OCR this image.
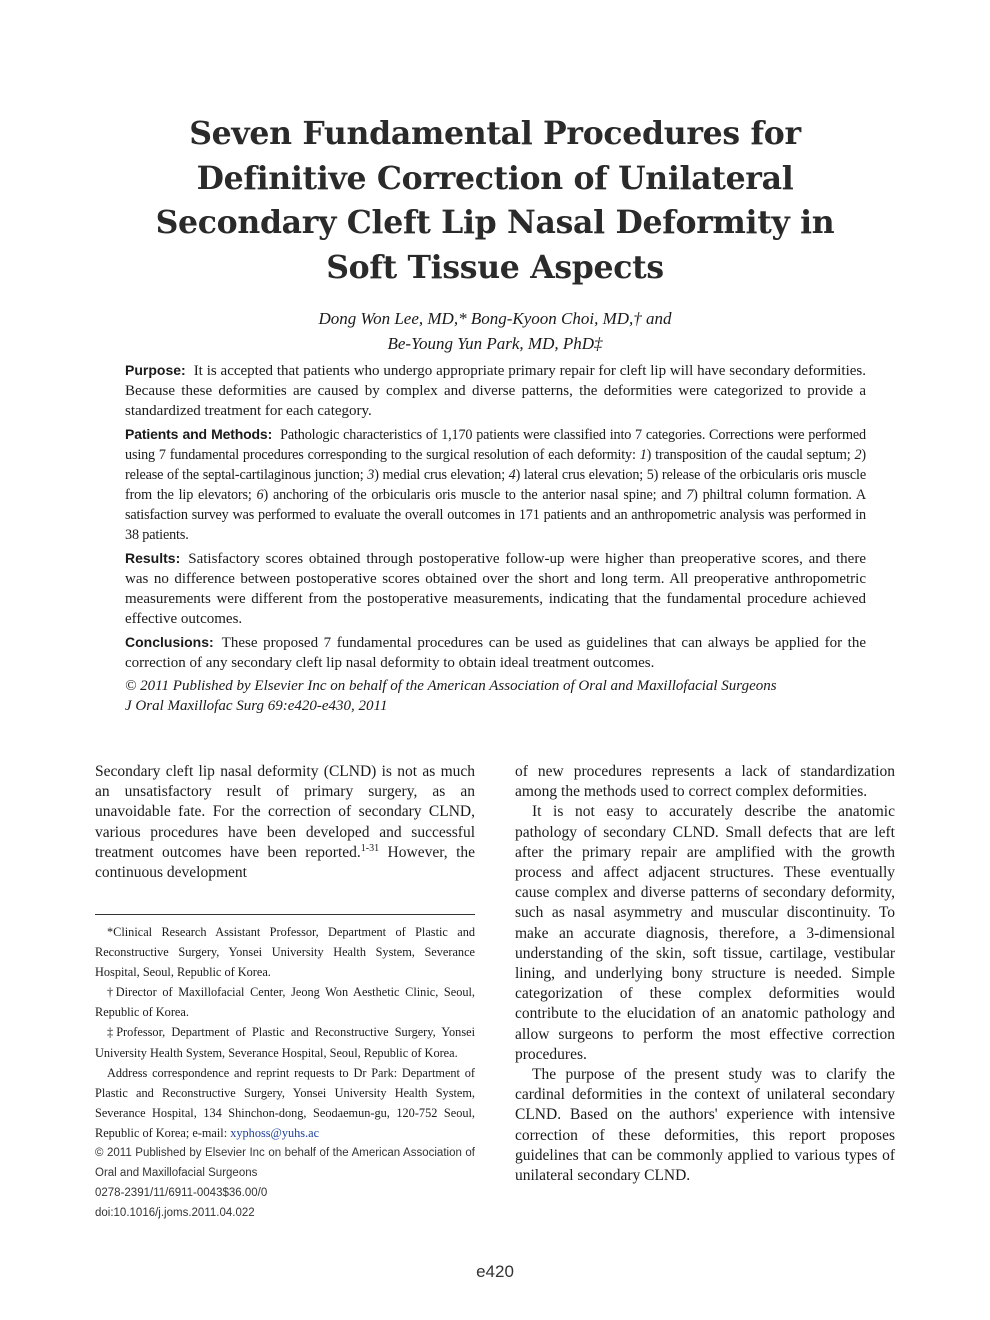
Seven Fundamental Procedures for
Definitive Correction of Unilateral
Secondary Cleft Lip Nasal Deformity in
Soft Tissue Aspects
Dong Won Lee, MD,* Bong-Kyoon Choi, MD,† and
Be-Young Yun Park, MD, PhD‡

Purpose: It is accepted that patients who undergo appropriate primary repair for cleft lip will have secondary deformities. Because these deformities are caused by complex and diverse patterns, the deformities were categorized to provide a standardized treatment for each category.

Patients and Methods: Pathologic characteristics of 1,170 patients were classified into 7 categories. Corrections were performed using 7 fundamental procedures corresponding to the surgical resolution of each deformity: 1) transposition of the caudal septum; 2) release of the septal-cartilaginous junction; 3) medial crus elevation; 4) lateral crus elevation; 5) release of the orbicularis oris muscle from the lip elevators; 6) anchoring of the orbicularis oris muscle to the anterior nasal spine; and 7) philtral column formation. A satisfaction survey was performed to evaluate the overall outcomes in 171 patients and an anthropometric analysis was performed in 38 patients.

Results: Satisfactory scores obtained through postoperative follow-up were higher than preoperative scores, and there was no difference between postoperative scores obtained over the short and long term. All preoperative anthropometric measurements were different from the postoperative measurements, indicating that the fundamental procedure achieved effective outcomes.

Conclusions: These proposed 7 fundamental procedures can be used as guidelines that can always be applied for the correction of any secondary cleft lip nasal deformity to obtain ideal treatment outcomes.

© 2011 Published by Elsevier Inc on behalf of the American Association of Oral and Maxillofacial Surgeons

J Oral Maxillofac Surg 69:e420-e430, 2011

Secondary cleft lip nasal deformity (CLND) is not as much an unsatisfactory result of primary surgery, as an unavoidable fate. For the correction of secondary CLND, various procedures have been developed and successful treatment outcomes have been reported.$^{1-31}$ However, the continuous development

*Clinical Research Assistant Professor, Department of Plastic and Reconstructive Surgery, Yonsei University Health System, Severance Hospital, Seoul, Republic of Korea.

†Director of Maxillofacial Center, Jeong Won Aesthetic Clinic, Seoul, Republic of Korea.

‡Professor, Department of Plastic and Reconstructive Surgery, Yonsei University Health System, Severance Hospital, Seoul, Republic of Korea.

Address correspondence and reprint requests to Dr Park: Department of Plastic and Reconstructive Surgery, Yonsei University Health System, Severance Hospital, 134 Shinchon-dong, Seodaemun-gu, 120-752 Seoul, Republic of Korea; e-mail: xyphoss@yuhs.ac

© 2011 Published by Elsevier Inc on behalf of the American Association of Oral and Maxillofacial Surgeons

0278-2391/11/6911-0043$36.00/0

doi:10.1016/j.joms.2011.04.022

of new procedures represents a lack of standardization among the methods used to correct complex deformities.

It is not easy to accurately describe the anatomic pathology of secondary CLND. Small defects that are left after the primary repair are amplified with the growth process and affect adjacent structures. These eventually cause complex and diverse patterns of secondary deformity, such as nasal asymmetry and muscular discontinuity. To make an accurate diagnosis, therefore, a 3-dimensional understanding of the skin, soft tissue, cartilage, vestibular lining, and underlying bony structure is needed. Simple categorization of these complex deformities would contribute to the elucidation of an anatomic pathology and allow surgeons to perform the most effective correction procedures.

The purpose of the present study was to clarify the cardinal deformities in the context of unilateral secondary CLND. Based on the authors' experience with intensive correction of these deformities, this report proposes guidelines that can be commonly applied to various types of unilateral secondary CLND.

e420
